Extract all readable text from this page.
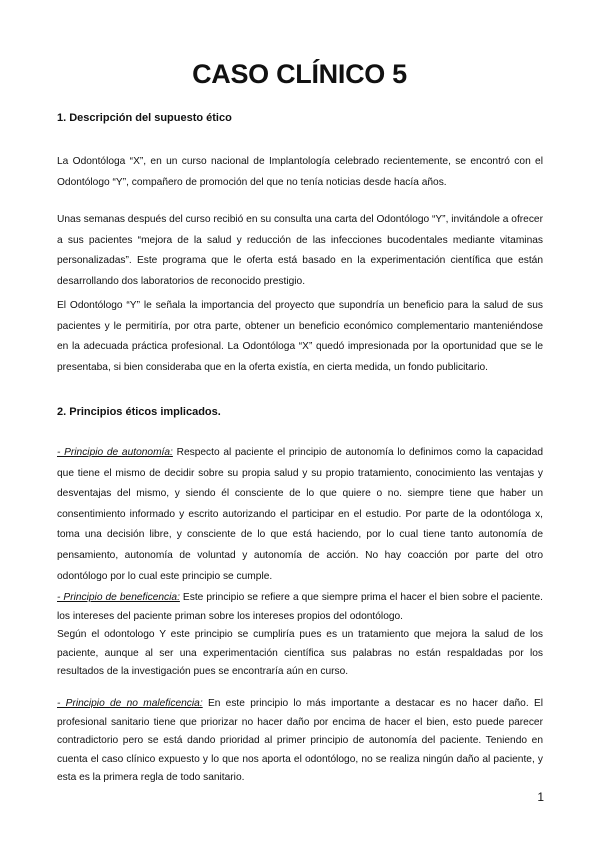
CASO CLÍNICO 5

1. Descripción del supuesto ético

La Odontóloga “X”, en un curso nacional de Implantología celebrado recientemente, se encontró con el Odontólogo “Y”, compañero de promoción del que no tenía noticias desde hacía años.

Unas semanas después del curso recibió en su consulta una carta del Odontólogo “Y”, invitándole a ofrecer a sus pacientes “mejora de la salud y reducción de las infecciones bucodentales mediante vitaminas personalizadas”. Este programa que le oferta está basado en la experimentación científica que están desarrollando dos laboratorios de reconocido prestigio.

El Odontólogo “Y” le señala la importancia del proyecto que supondría un beneficio para la salud de sus pacientes y le permitiría, por otra parte, obtener un beneficio económico complementario manteniéndose en la adecuada práctica profesional. La Odontóloga “X” quedó impresionada por la oportunidad que se le presentaba, si bien consideraba que en la oferta existía, en cierta medida, un fondo publicitario.

2. Principios éticos implicados.

- Principio de autonomía: Respecto al paciente el principio de autonomía lo definimos como la capacidad que tiene el mismo de decidir sobre su propia salud y su propio tratamiento, conocimiento las ventajas y desventajas del mismo, y siendo él consciente de lo que quiere o no. siempre tiene que haber un consentimiento informado y escrito autorizando el participar en el estudio. Por parte de la odontóloga x, toma una decisión libre, y consciente de lo que está haciendo, por lo cual tiene tanto autonomía de pensamiento, autonomía de voluntad y autonomía de acción. No hay coacción por parte del otro odontólogo por lo cual este principio se cumple.

- Principio de beneficencia: Este principio se refiere a que siempre prima el hacer el bien sobre el paciente. los intereses del paciente priman sobre los intereses propios del odontólogo.
Según el odontologo Y este principio se cumpliría pues es un tratamiento que mejora la salud de los paciente, aunque al ser una experimentación científica sus palabras no están respaldadas por los resultados de la investigación pues se encontraría aún en curso.

- Principio de no maleficencia: En este principio lo más importante a destacar es no hacer daño. El profesional sanitario tiene que priorizar no hacer daño por encima de hacer el bien, esto puede parecer contradictorio pero se está dando prioridad al primer principio de autonomía del paciente. Teniendo en cuenta el caso clínico expuesto y lo que nos aporta el odontólogo, no se realiza ningún daño al paciente, y esta es la primera regla de todo sanitario.

1
